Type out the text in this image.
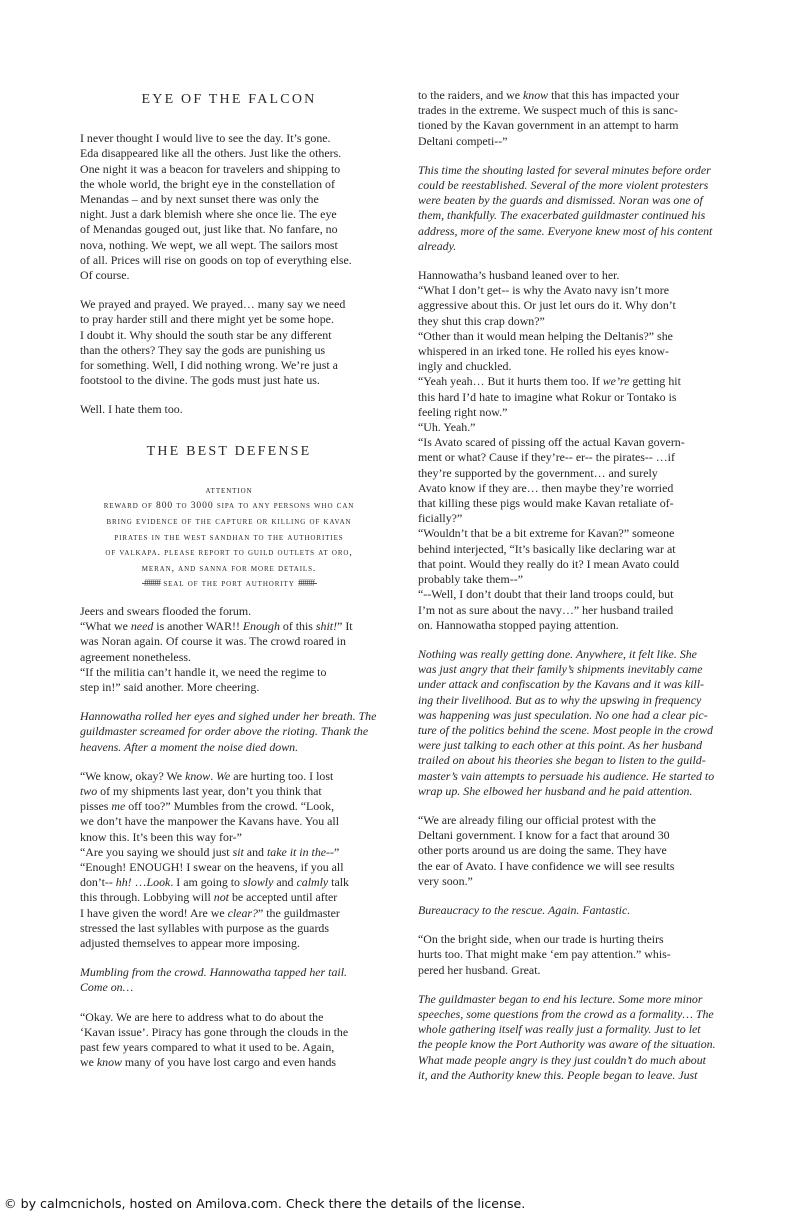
EYE OF THE FALCON
I never thought I would live to see the day. It’s gone.
Eda disappeared like all the others. Just like the others.
One night it was a beacon for travelers and shipping to
the whole world, the bright eye in the constellation of
Menandas – and by next sunset there was only the
night. Just a dark blemish where she once lie. The eye
of Menandas gouged out, just like that. No fanfare, no
nova, nothing. We wept, we all wept. The sailors most
of all. Prices will rise on goods on top of everything else.
Of course.
We prayed and prayed. We prayed… many say we need
to pray harder still and there might yet be some hope.
I doubt it. Why should the south star be any different
than the others? They say the gods are punishing us
for something. Well, I did nothing wrong. We’re just a
footstool to the divine. The gods must just hate us.
Well. I hate them too.
THE BEST DEFENSE
attention
reward of 800 to 3000 sipa to any persons who can
bring evidence of the capture or killing of kavan
pirates in the west sandhan to the authorities
of valkapa. please report to guild outlets at oro,
meran, and sanna for more details.
-#### seal of the port authority ####-
Jeers and swears flooded the forum.
“What we need is another WAR!! Enough of this shit!” It
was Noran again. Of course it was. The crowd roared in
agreement nonetheless.
“If the militia can’t handle it, we need the regime to
step in!” said another. More cheering.
Hannowatha rolled her eyes and sighed under her breath. The
guildmaster screamed for order above the rioting. Thank the
heavens. After a moment the noise died down.
“We know, okay? We know. We are hurting too. I lost
two of my shipments last year, don’t you think that
pisses me off too?” Mumbles from the crowd. “Look,
we don’t have the manpower the Kavans have. You all
know this. It’s been this way for-”
“Are you saying we should just sit and take it in the--”
“Enough! ENOUGH! I swear on the heavens, if you all
don’t-- hh! …Look. I am going to slowly and calmly talk
this through. Lobbying will not be accepted until after
I have given the word! Are we clear?” the guildmaster
stressed the last syllables with purpose as the guards
adjusted themselves to appear more imposing.
Mumbling from the crowd. Hannowatha tapped her tail.
Come on…
“Okay. We are here to address what to do about the
‘Kavan issue’. Piracy has gone through the clouds in the
past few years compared to what it used to be. Again,
we know many of you have lost cargo and even hands
to the raiders, and we know that this has impacted your
trades in the extreme. We suspect much of this is sanc-
tioned by the Kavan government in an attempt to harm
Deltani competi--”
This time the shouting lasted for several minutes before order
could be reestablished. Several of the more violent protesters
were beaten by the guards and dismissed. Noran was one of
them, thankfully. The exacerbated guildmaster continued his
address, more of the same. Everyone knew most of his content
already.
Hannowatha’s husband leaned over to her.
“What I don’t get-- is why the Avato navy isn’t more
aggressive about this. Or just let ours do it. Why don’t
they shut this crap down?”
“Other than it would mean helping the Deltanis?” she
whispered in an irked tone. He rolled his eyes know-
ingly and chuckled.
“Yeah yeah… But it hurts them too. If we’re getting hit
this hard I’d hate to imagine what Rokur or Tontako is
feeling right now.”
“Uh. Yeah.”
“Is Avato scared of pissing off the actual Kavan govern-
ment or what? Cause if they’re-- er-- the pirates-- …if
they’re supported by the government… and surely
Avato know if they are… then maybe they’re worried
that killing these pigs would make Kavan retaliate of-
ficially?”
“Wouldn’t that be a bit extreme for Kavan?” someone
behind interjected, “It’s basically like declaring war at
that point. Would they really do it? I mean Avato could
probably take them--”
“--Well, I don’t doubt that their land troops could, but
I’m not as sure about the navy…” her husband trailed
on. Hannowatha stopped paying attention.
Nothing was really getting done. Anywhere, it felt like. She
was just angry that their family’s shipments inevitably came
under attack and confiscation by the Kavans and it was kill-
ing their livelihood. But as to why the upswing in frequency
was happening was just speculation. No one had a clear pic-
ture of the politics behind the scene. Most people in the crowd
were just talking to each other at this point. As her husband
trailed on about his theories she began to listen to the guild-
master’s vain attempts to persuade his audience. He started to
wrap up. She elbowed her husband and he paid attention.
“We are already filing our official protest with the
Deltani government. I know for a fact that around 30
other ports around us are doing the same. They have
the ear of Avato. I have confidence we will see results
very soon.”
Bureaucracy to the rescue. Again. Fantastic.
“On the bright side, when our trade is hurting theirs
hurts too. That might make ‘em pay attention.” whis-
pered her husband. Great.
The guildmaster began to end his lecture. Some more minor
speeches, some questions from the crowd as a formality… The
whole gathering itself was really just a formality. Just to let
the people know the Port Authority was aware of the situation.
What made people angry is they just couldn’t do much about
it, and the Authority knew this. People began to leave. Just
© by calmcnichols, hosted on Amilova.com. Check there the details of the license.
